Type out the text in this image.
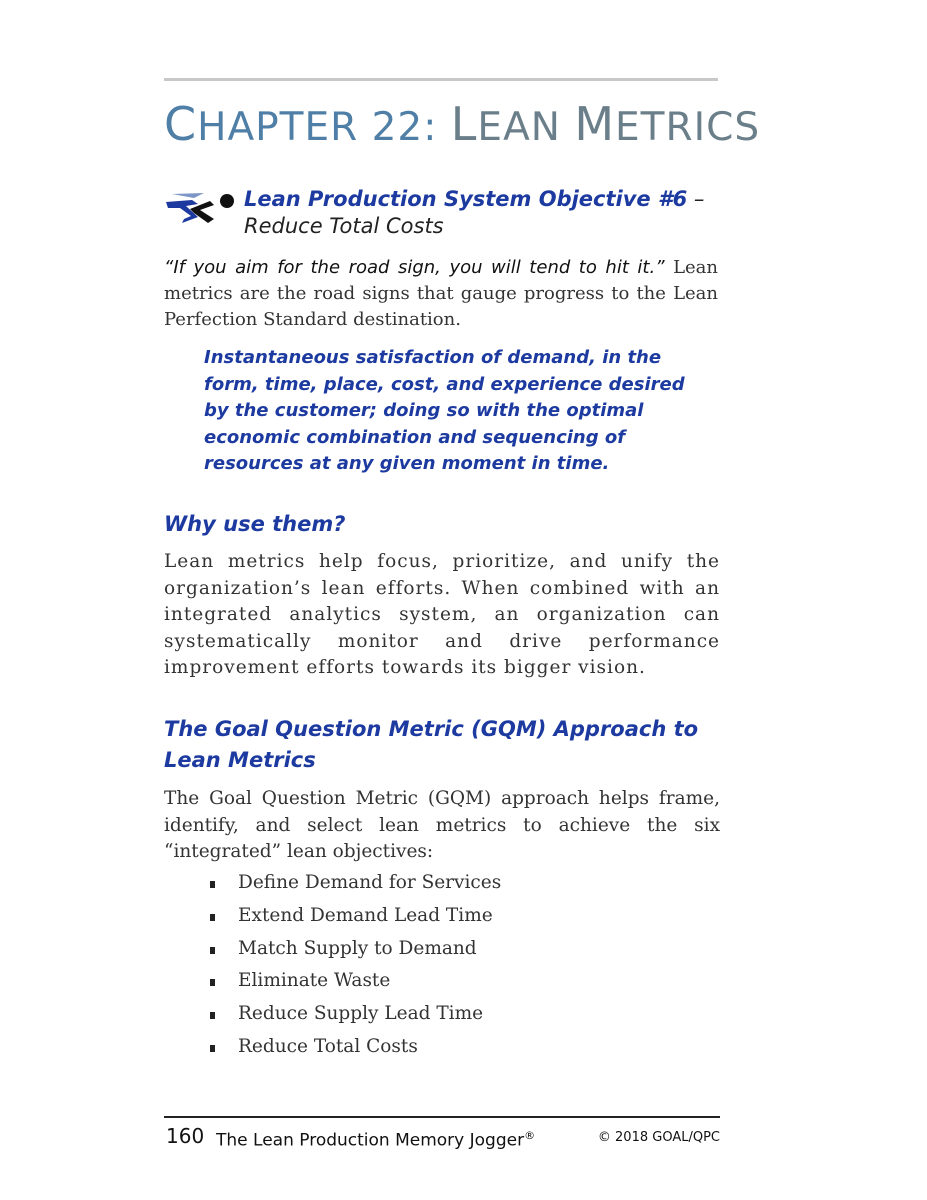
CHAPTER 22: LEAN METRICS

Lean Production System Objective #6 –
Reduce Total Costs

“If you aim for the road sign, you will tend to hit it.” Lean metrics are the road signs that gauge progress to the Lean Perfection Standard destination.

Instantaneous satisfaction of demand, in the form, time, place, cost, and experience desired by the customer; doing so with the optimal economic combination and sequencing of resources at any given moment in time.

Why use them?

Lean metrics help focus, prioritize, and unify the organization’s lean efforts. When combined with an integrated analytics system, an organization can systematically monitor and drive performance improvement efforts towards its bigger vision.

The Goal Question Metric (GQM) Approach to Lean Metrics

The Goal Question Metric (GQM) approach helps frame, identify, and select lean metrics to achieve the six “integrated” lean objectives:

Define Demand for Services
Extend Demand Lead Time
Match Supply to Demand
Eliminate Waste
Reduce Supply Lead Time
Reduce Total Costs
160 The Lean Production Memory Jogger®	© 2018 GOAL/QPC
